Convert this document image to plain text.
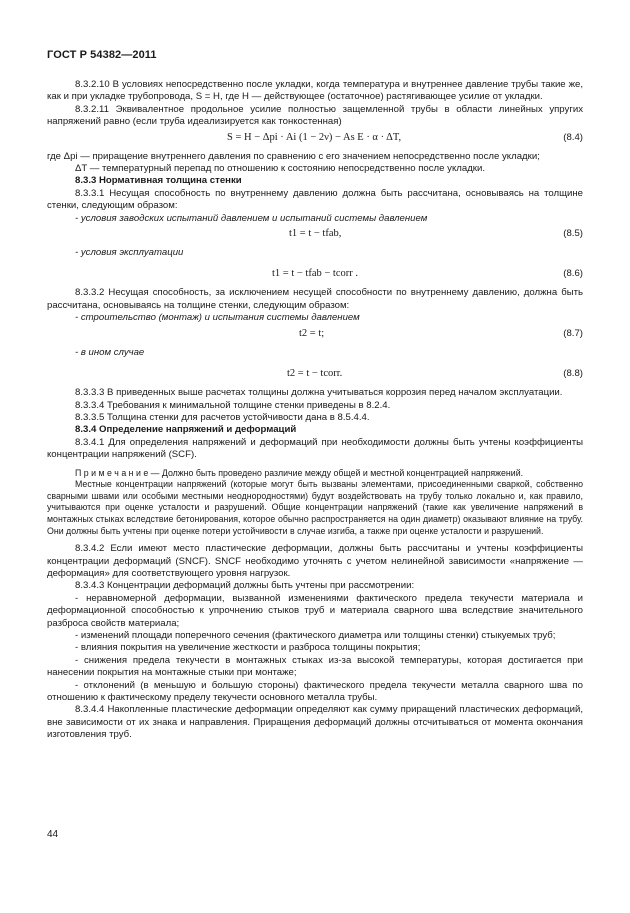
ГОСТ Р 54382—2011

8.3.2.10 В условиях непосредственно после укладки, когда температура и внутреннее давление трубы такие же, как и при укладке трубопровода, S = H, где H — действующее (остаточное) растягивающее усилие от укладки.

8.3.2.11 Эквивалентное продольное усилие полностью защемленной трубы в области линейных упругих напряжений равно (если труба идеализируется как тонкостенная)

S = H − Δpi · Ai (1 − 2ν) − As E · α · ΔT,	(8.4)

где Δpi — приращение внутреннего давления по сравнению с его значением непосредственно после укладки;

ΔT — температурный перепад по отношению к состоянию непосредственно после укладки.

8.3.3 Нормативная толщина стенки

8.3.3.1 Несущая способность по внутреннему давлению должна быть рассчитана, основываясь на толщине стенки, следующим образом:

- условия заводских испытаний давлением и испытаний системы давлением

t1 = t − tfab,	(8.5)

- условия эксплуатации

t1 = t − tfab − tcorr .	(8.6)

8.3.3.2 Несущая способность, за исключением несущей способности по внутреннему давлению, должна быть рассчитана, основываясь на толщине стенки, следующим образом:

- строительство (монтаж) и испытания системы давлением

t2 = t;	(8.7)

- в ином случае

t2 = t − tcorr.	(8.8)

8.3.3.3 В приведенных выше расчетах толщины должна учитываться коррозия перед началом эксплуатации.

8.3.3.4 Требования к минимальной толщине стенки приведены в 8.2.4.

8.3.3.5 Толщина стенки для расчетов устойчивости дана в 8.5.4.4.

8.3.4 Определение напряжений и деформаций

8.3.4.1 Для определения напряжений и деформаций при необходимости должны быть учтены коэффициенты концентрации напряжений (SCF).

П р и м е ч а н и е — Должно быть проведено различие между общей и местной концентрацией напряжений.

Местные концентрации напряжений (которые могут быть вызваны элементами, присоединенными сваркой, собственно сварными швами или особыми местными неоднородностями) будут воздействовать на трубу только локально и, как правило, учитываются при оценке усталости и разрушений. Общие концентрации напряжений (такие как увеличение напряжений в монтажных стыках вследствие бетонирования, которое обычно распространяется на один диаметр) оказывают влияние на трубу. Они должны быть учтены при оценке потери устойчивости в случае изгиба, а также при оценке усталости и разрушений.

8.3.4.2 Если имеют место пластические деформации, должны быть рассчитаны и учтены коэффициенты концентрации деформаций (SNCF). SNCF необходимо уточнять с учетом нелинейной зависимости «напряжение — деформация» для соответствующего уровня нагрузок.

8.3.4.3 Концентрации деформаций должны быть учтены при рассмотрении:

- неравномерной деформации, вызванной изменениями фактического предела текучести материала и деформационной способностью к упрочнению стыков труб и материала сварного шва вследствие значительного разброса свойств материала;

- изменений площади поперечного сечения (фактического диаметра или толщины стенки) стыкуемых труб;

- влияния покрытия на увеличение жесткости и разброса толщины покрытия;

- снижения предела текучести в монтажных стыках из-за высокой температуры, которая достигается при нанесении покрытия на монтажные стыки при монтаже;

- отклонений (в меньшую и большую стороны) фактического предела текучести металла сварного шва по отношению к фактическому пределу текучести основного металла трубы.

8.3.4.4 Накопленные пластические деформации определяют как сумму приращений пластических деформаций, вне зависимости от их знака и направления. Приращения деформаций должны отсчитываться от момента окончания изготовления труб.

44
